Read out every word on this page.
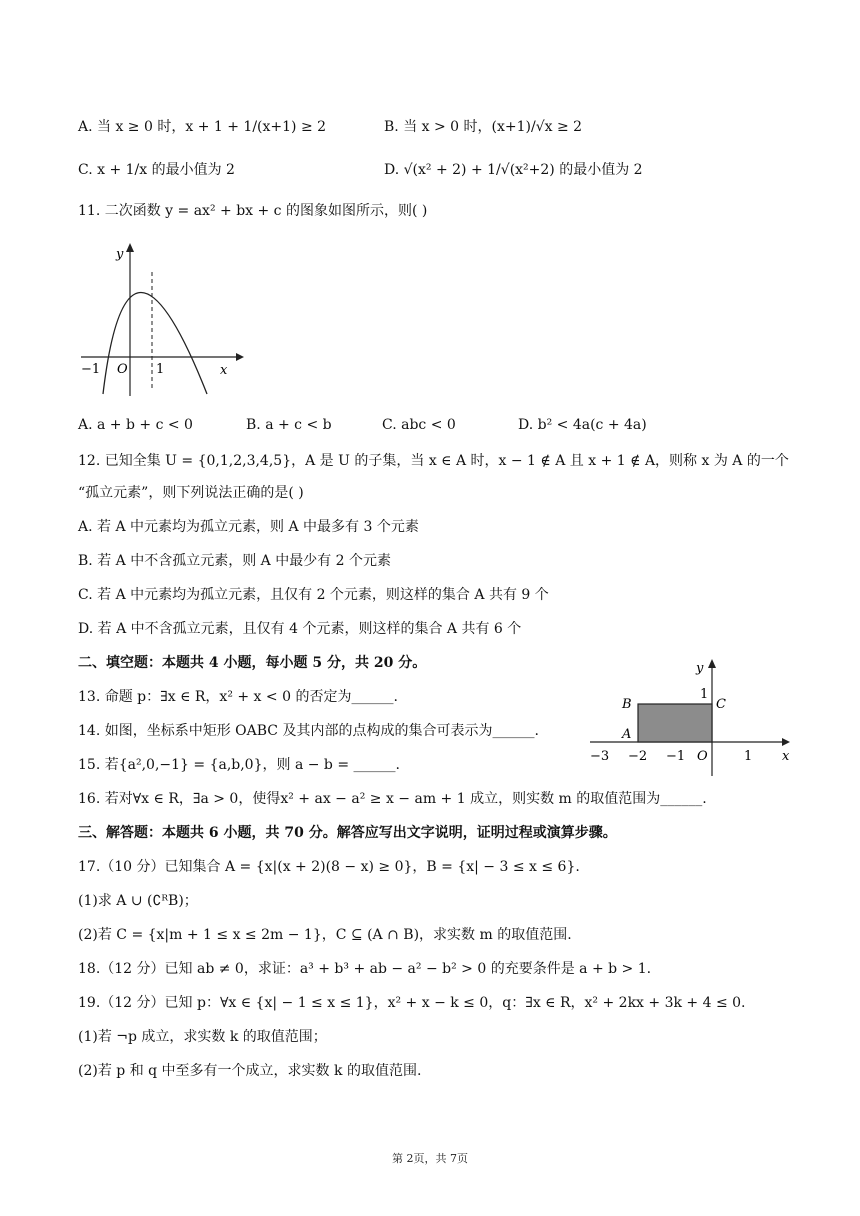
A. 当 x ≥ 0 时，x + 1 + 1/(x+1) ≥ 2	B. 当 x > 0 时，(x+1)/√x ≥ 2
C. x + 1/x 的最小值为 2	D. √(x² + 2) + 1/√(x²+2) 的最小值为 2
11. 二次函数 y = ax² + bx + c 的图象如图所示，则( )
y
x
−1 O 1
A. a + b + c < 0	B. a + c < b	C. abc < 0	D. b² < 4a(c + 4a)
12. 已知全集 U = {0,1,2,3,4,5}，A 是 U 的子集，当 x ∈ A 时，x − 1 ∉ A 且 x + 1 ∉ A，则称 x 为 A 的一个
“孤立元素”，则下列说法正确的是( )
A. 若 A 中元素均为孤立元素，则 A 中最多有 3 个元素
B. 若 A 中不含孤立元素，则 A 中最少有 2 个元素
C. 若 A 中元素均为孤立元素，且仅有 2 个元素，则这样的集合 A 共有 9 个
D. 若 A 中不含孤立元素，且仅有 4 个元素，则这样的集合 A 共有 6 个
二、填空题：本题共 4 小题，每小题 5 分，共 20 分。
13. 命题 p：∃x ∈ R，x² + x < 0 的否定为______.
14. 如图，坐标系中矩形 OABC 及其内部的点构成的集合可表示为______.
15. 若{a²,0,−1} = {a,b,0}，则 a − b = ______.
y
x
B	C
A
1
−3 −2 −1 O	1
16. 若对∀x ∈ R，∃a > 0，使得x² + ax − a² ≥ x − am + 1 成立，则实数 m 的取值范围为______.
三、解答题：本题共 6 小题，共 70 分。解答应写出文字说明，证明过程或演算步骤。
17.（10 分）已知集合 A = {x|(x + 2)(8 − x) ≥ 0}，B = {x| − 3 ≤ x ≤ 6}.
(1)求 A ∪ (∁ᴿB)；
(2)若 C = {x|m + 1 ≤ x ≤ 2m − 1}，C ⊆ (A ∩ B)，求实数 m 的取值范围.
18.（12 分）已知 ab ≠ 0，求证：a³ + b³ + ab − a² − b² > 0 的充要条件是 a + b > 1.
19.（12 分）已知 p：∀x ∈ {x| − 1 ≤ x ≤ 1}，x² + x − k ≤ 0，q：∃x ∈ R，x² + 2kx + 3k + 4 ≤ 0.
(1)若 ¬p 成立，求实数 k 的取值范围；
(2)若 p 和 q 中至多有一个成立，求实数 k 的取值范围.
第 2页，共 7页
